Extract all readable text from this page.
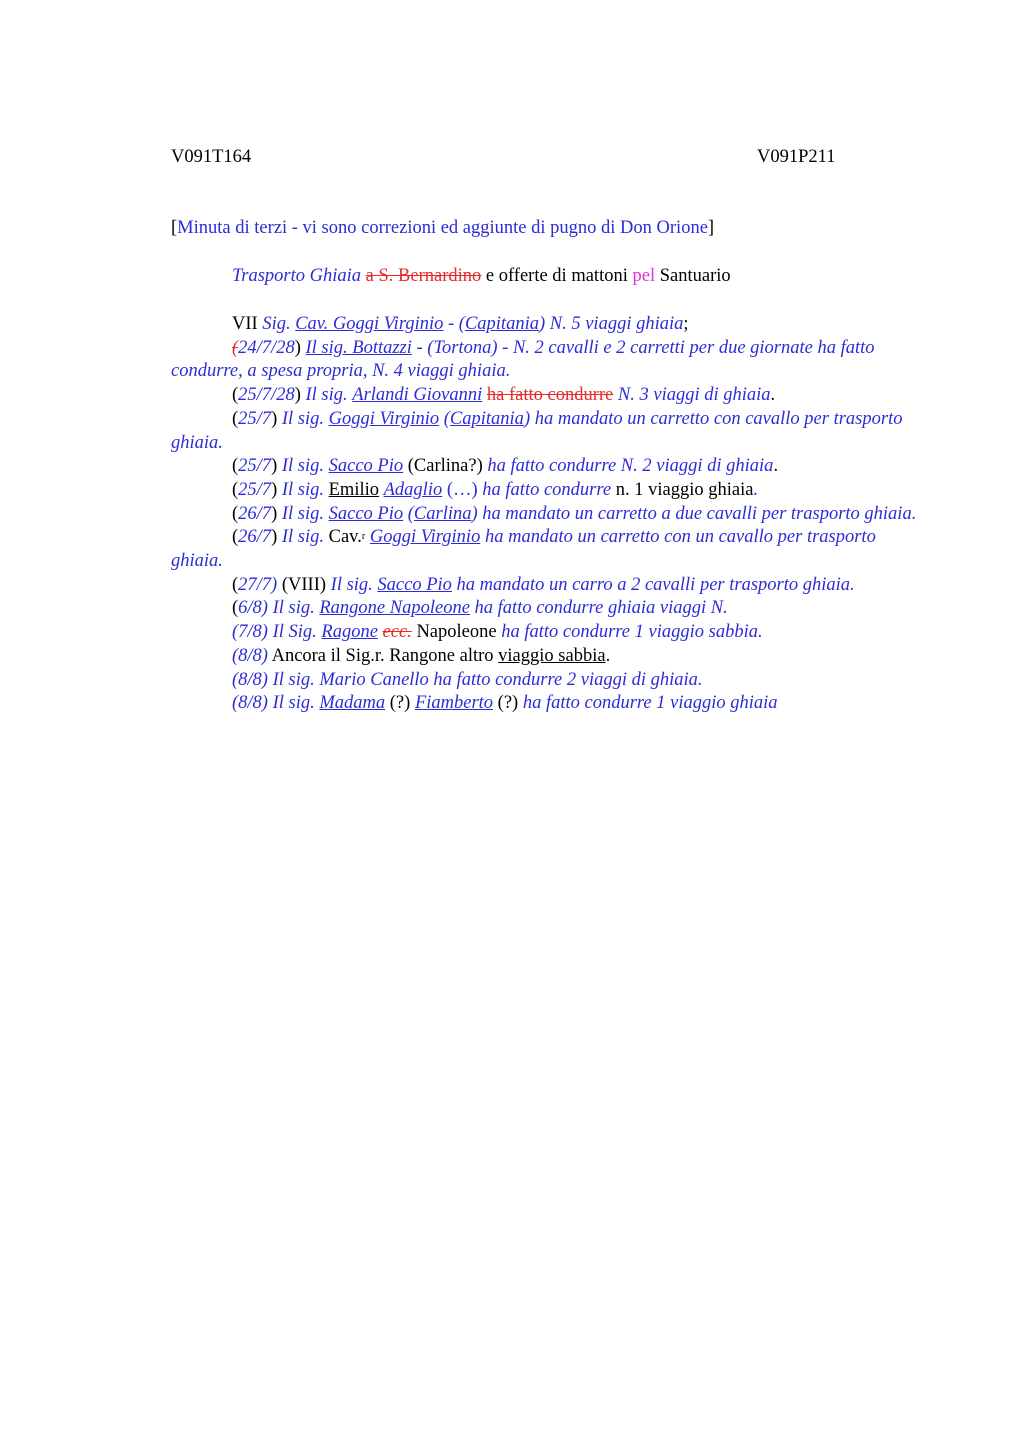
V091T164	V091P211
[Minuta di terzi - vi sono correzioni ed aggiunte di pugno di Don Orione]
Trasporto Ghiaia a S. Bernardino e offerte di mattoni pel Santuario
VII Sig. Cav. Goggi Virginio - (Capitania) N. 5 viaggi ghiaia;
(24/7/28) Il sig. Bottazzi - (Tortona) - N. 2 cavalli e 2 carretti per due giornate ha fatto condurre, a spesa propria, N. 4 viaggi ghiaia.
(25/7/28) Il sig. Arlandi Giovanni ha fatto condurre N. 3 viaggi di ghiaia.
(25/7) Il sig. Goggi Virginio (Capitania) ha mandato un carretto con cavallo per trasporto ghiaia.
(25/7) Il sig. Sacco Pio (Carlina?) ha fatto condurre N. 2 viaggi di ghiaia.
(25/7) Il sig. Emilio Adaglio (…) ha fatto condurre n. 1 viaggio ghiaia.
(26/7) Il sig. Sacco Pio (Carlina) ha mandato un carretto a due cavalli per trasporto ghiaia.
(26/7) Il sig. Cav.$^r$ Goggi Virginio ha mandato un carretto con un cavallo per trasporto ghiaia.
(27/7) (VIII) Il sig. Sacco Pio ha mandato un carro a 2 cavalli per trasporto ghiaia.
(6/8) Il sig. Rangone Napoleone ha fatto condurre ghiaia viaggi N.
(7/8) Il Sig. Ragone ecc. Napoleone ha fatto condurre 1 viaggio sabbia.
(8/8) Ancora il Sig.r. Rangone altro viaggio sabbia.
(8/8) Il sig. Mario Canello ha fatto condurre 2 viaggi di ghiaia.
(8/8) Il sig. Madama (?) Fiamberto (?) ha fatto condurre 1 viaggio ghiaia
